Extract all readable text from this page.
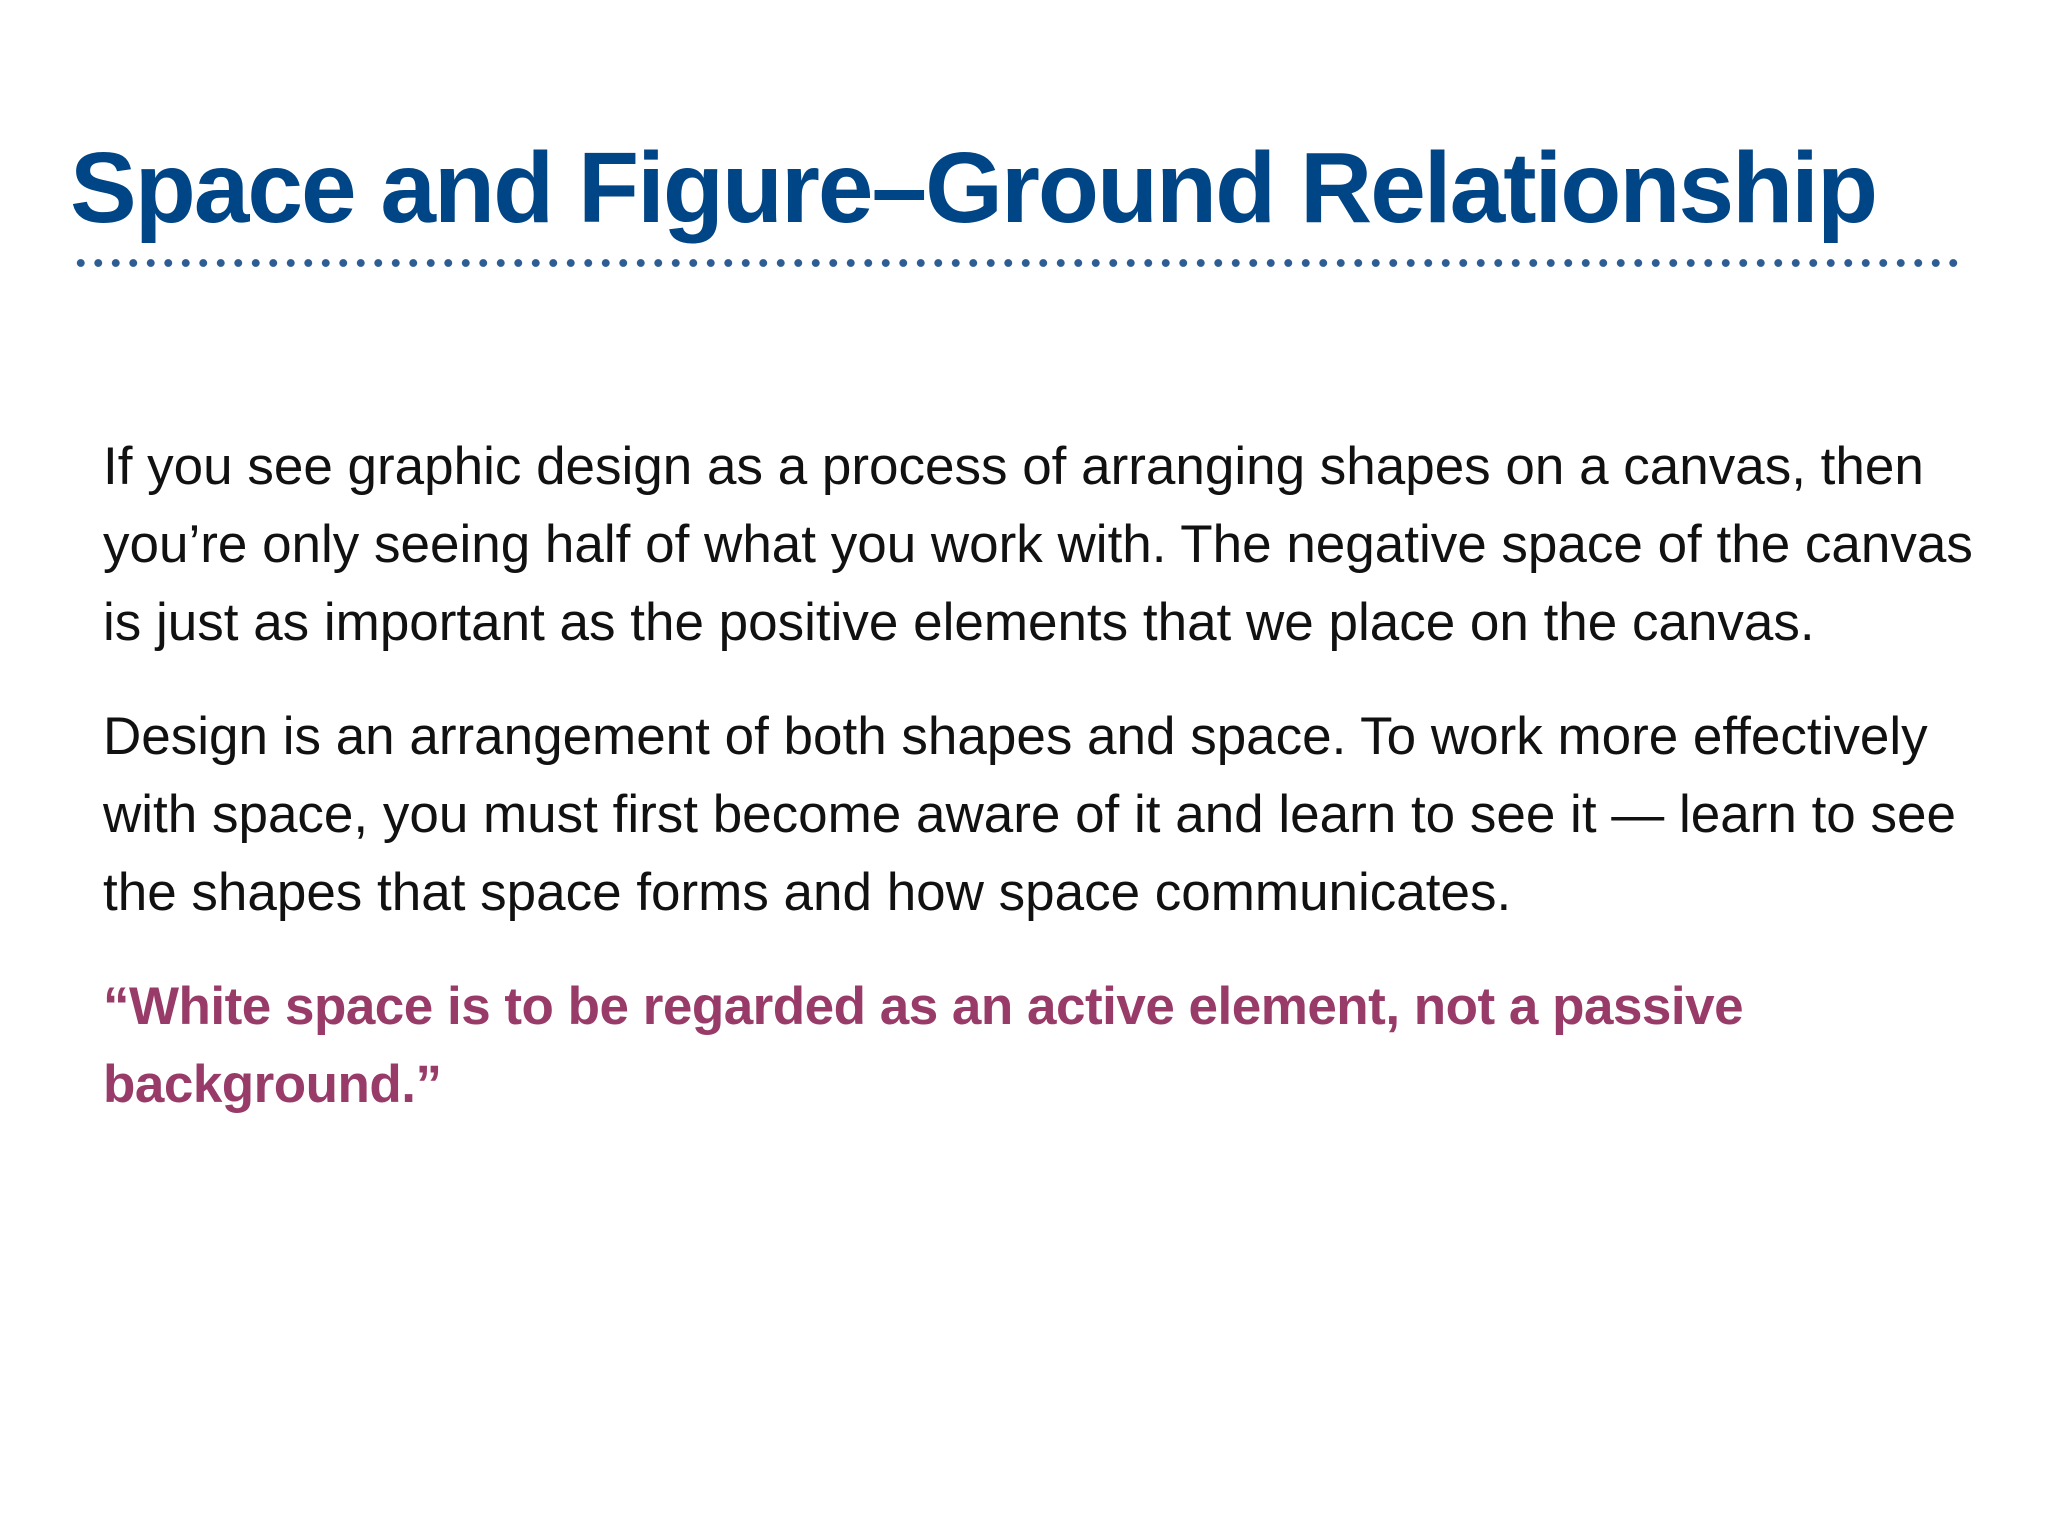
Space and Figure–Ground Relationship

If you see graphic design as a process of arranging shapes on a canvas, then you’re only seeing half of what you work with. The negative space of the canvas is just as important as the positive elements that we place on the canvas.

Design is an arrangement of both shapes and space. To work more effectively with space, you must first become aware of it and learn to see it — learn to see the shapes that space forms and how space communicates.

“White space is to be regarded as an active element, not a passive background.”
